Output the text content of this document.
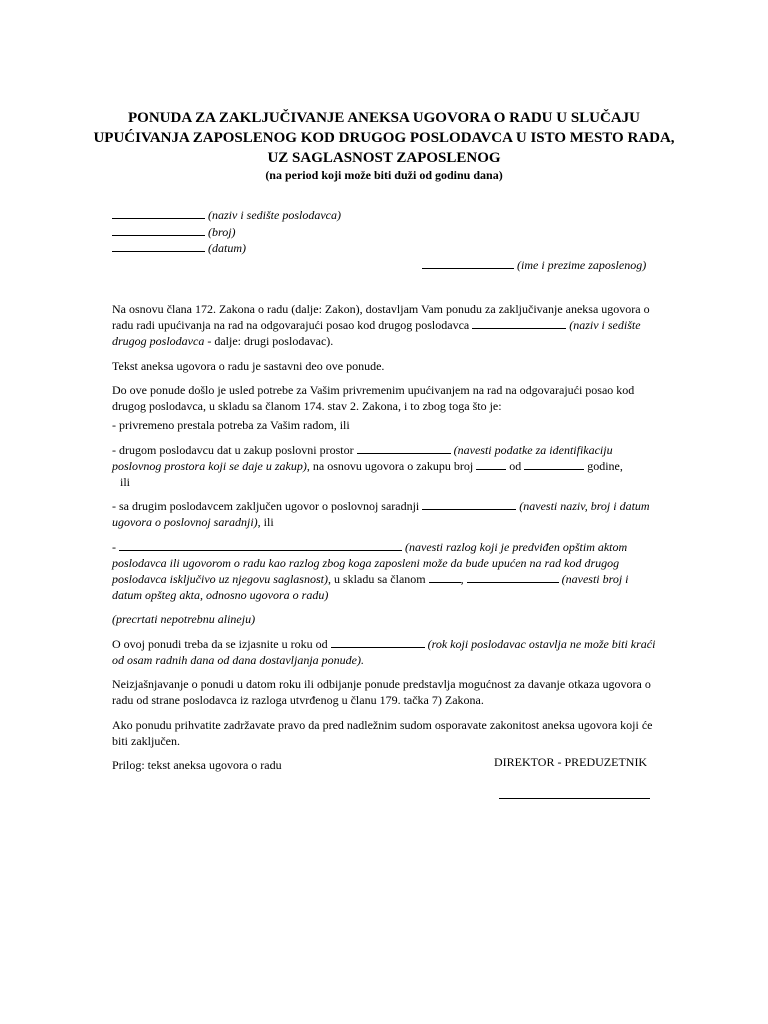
PONUDA ZA ZAKLJUČIVANJE ANEKSA UGOVORA O RADU U SLUČAJU
UPUĆIVANJA ZAPOSLENOG KOD DRUGOG POSLODAVCA U ISTO MESTO RADA,
UZ SAGLASNOST ZAPOSLENOG
(na period koji može biti duži od godinu dana)
(naziv i sedište poslodavca)
(broj)
(datum)
(ime i prezime zaposlenog)

Na osnovu člana 172. Zakona o radu (dalje: Zakon), dostavljam Vam ponudu za zaključivanje aneksa ugovora o radu radi upućivanja na rad na odgovarajući posao kod drugog poslodavca	(naziv i sedište drugog poslodavca - dalje: drugi poslodavac).

Tekst aneksa ugovora o radu je sastavni deo ove ponude.

Do ove ponude došlo je usled potrebe za Vašim privremenim upućivanjem na rad na odgovarajući posao kod drugog poslodavca, u skladu sa članom 174. stav 2. Zakona, i to zbog toga što je:

- privremeno prestala potreba za Vašim radom, ili

- drugom poslodavcu dat u zakup poslovni prostor	(navesti podatke za identifikaciju poslovnog prostora koji se daje u zakup), na osnovu ugovora o zakupu broj	od	godine,
ili

- sa drugim poslodavcem zaključen ugovor o poslovnoj saradnji	(navesti naziv, broj i datum ugovora o poslovnoj saradnji), ili

-	(navesti razlog koji je predviđen opštim aktom poslodavca ili ugovorom o radu kao razlog zbog koga zaposleni može da bude upućen na rad kod drugog poslodavca isključivo uz njegovu saglasnost), u skladu sa članom	,	(navesti broj i datum opšteg akta, odnosno ugovora o radu)

(precrtati nepotrebnu alineju)

O ovoj ponudi treba da se izjasnite u roku od	(rok koji poslodavac ostavlja ne može biti kraći od osam radnih dana od dana dostavljanja ponude).

Neizjašnjavanje o ponudi u datom roku ili odbijanje ponude predstavlja mogućnost za davanje otkaza ugovora o radu od strane poslodavca iz razloga utvrđenog u članu 179. tačka 7) Zakona.

Ako ponudu prihvatite zadržavate pravo da pred nadležnim sudom osporavate zakonitost aneksa ugovora koji će biti zaključen.

Prilog: tekst aneksa ugovora o radu	DIREKTOR - PREDUZETNIK
